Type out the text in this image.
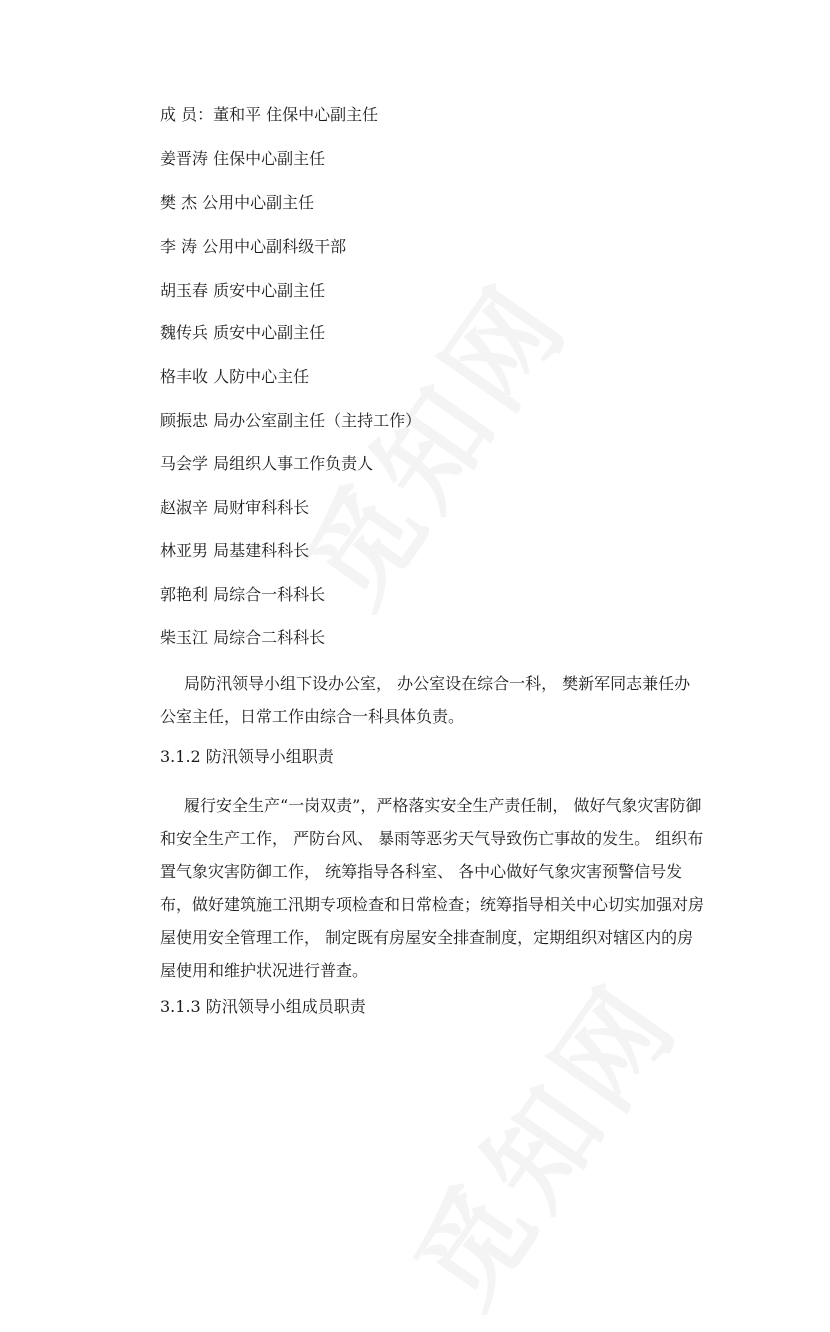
成 员：董和平 住保中心副主任
姜晋涛 住保中心副主任
樊 杰 公用中心副主任
李 涛 公用中心副科级干部
胡玉春 质安中心副主任
魏传兵 质安中心副主任
格丰收 人防中心主任
顾振忠 局办公室副主任（主持工作）
马会学 局组织人事工作负责人
赵淑辛 局财审科科长
林亚男 局基建科科长
郭艳利 局综合一科科长
柴玉江 局综合二科科长
局防汛领导小组下设办公室， 办公室设在综合一科， 樊新军同志兼任办公室主任，日常工作由综合一科具体负责。
3.1.2 防汛领导小组职责
履行安全生产“一岗双责”，严格落实安全生产责任制， 做好气象灾害防御和安全生产工作， 严防台风、 暴雨等恶劣天气导致伤亡事故的发生。 组织布置气象灾害防御工作， 统筹指导各科室、 各中心做好气象灾害预警信号发布，做好建筑施工汛期专项检查和日常检查；统筹指导相关中心切实加强对房屋使用安全管理工作， 制定既有房屋安全排查制度，定期组织对辖区内的房屋使用和维护状况进行普查。
3.1.3 防汛领导小组成员职责
